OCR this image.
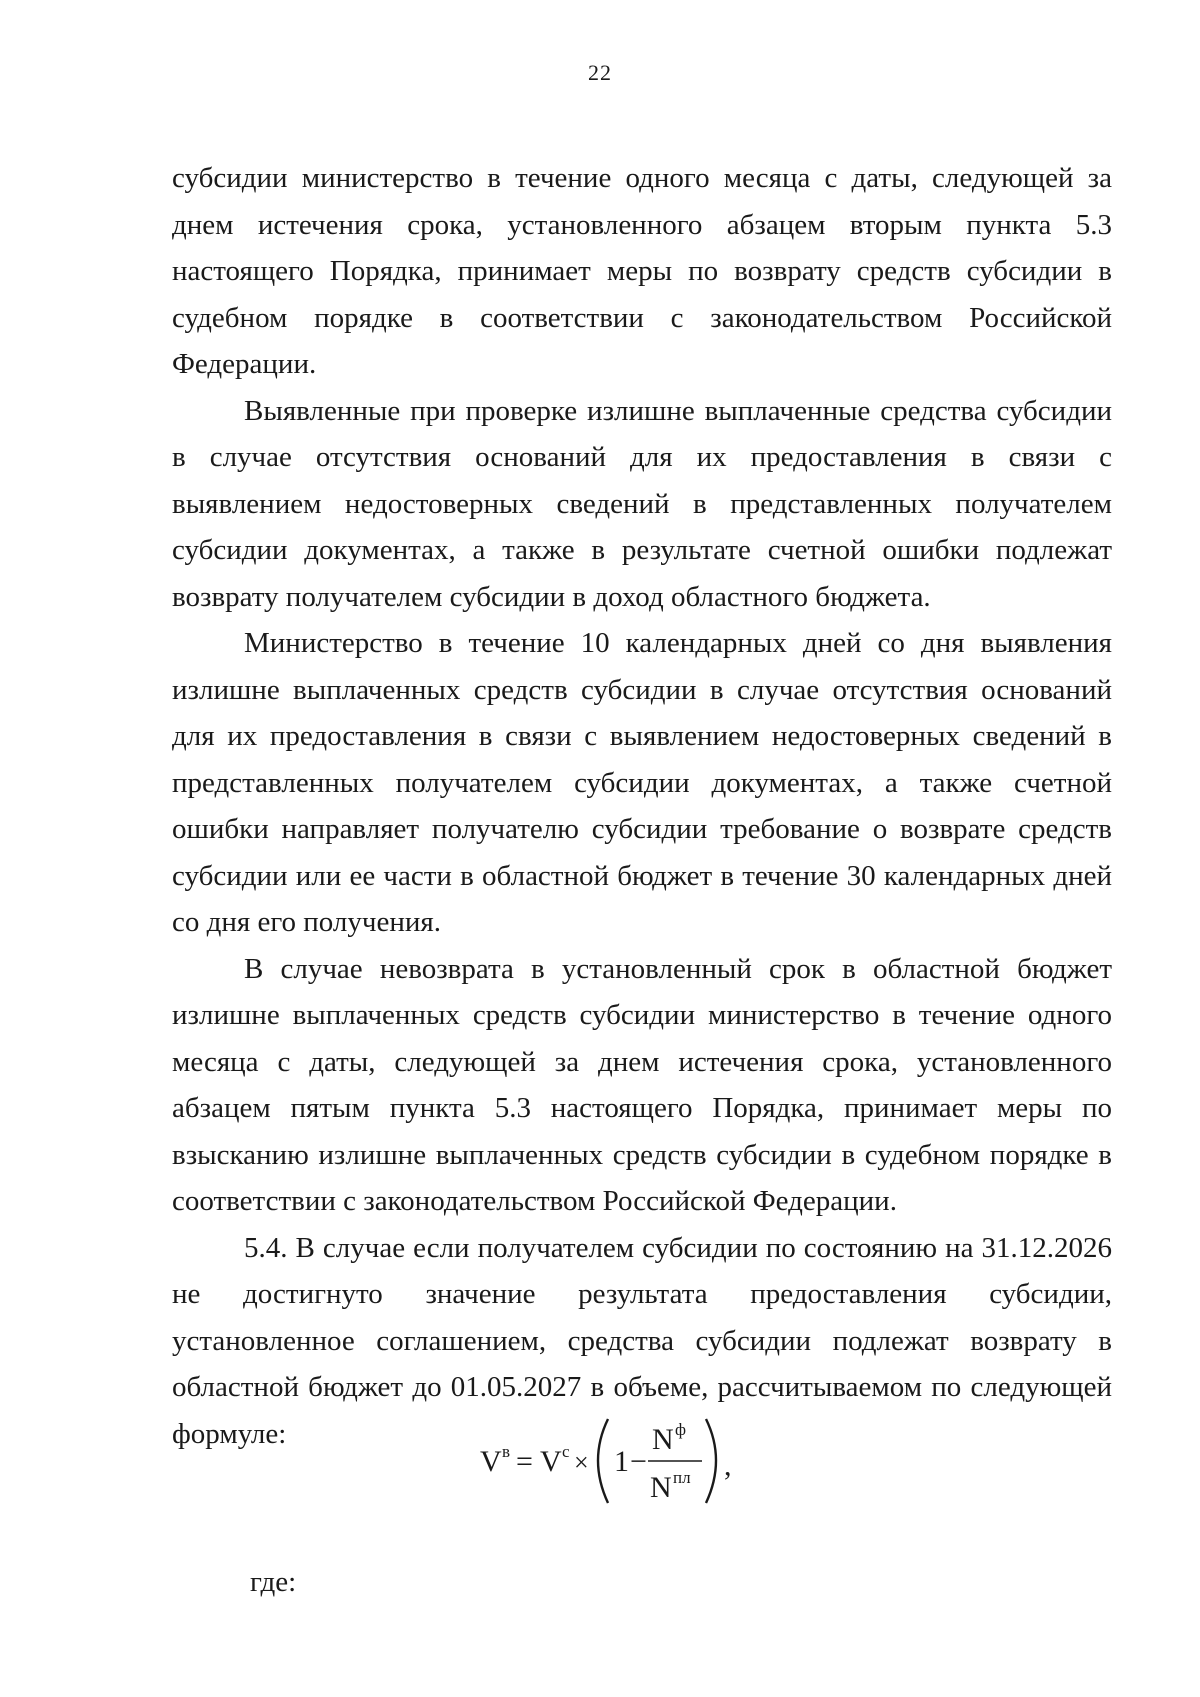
22

субсидии министерство в течение одного месяца с даты, следующей за днем истечения срока, установленного абзацем вторым пункта 5.3 настоящего Порядка, принимает меры по возврату средств субсидии в судебном порядке в соответствии с законодательством Российской Федерации.

Выявленные при проверке излишне выплаченные средства субсидии в случае отсутствия оснований для их предоставления в связи с выявлением недостоверных сведений в представленных получателем субсидии документах, а также в результате счетной ошибки подлежат возврату получателем субсидии в доход областного бюджета.

Министерство в течение 10 календарных дней со дня выявления излишне выплаченных средств субсидии в случае отсутствия оснований для их предоставления в связи с выявлением недостоверных сведений в представленных получателем субсидии документах, а также счетной ошибки направляет получателю субсидии требование о возврате средств субсидии или ее части в областной бюджет в течение 30 календарных дней со дня его получения.

В случае невозврата в установленный срок в областной бюджет излишне выплаченных средств субсидии министерство в течение одного месяца с даты, следующей за днем истечения срока, установленного абзацем пятым пункта 5.3 настоящего Порядка, принимает меры по взысканию излишне выплаченных средств субсидии в судебном порядке в соответствии с законодательством Российской Федерации.

5.4. В случае если получателем субсидии по состоянию на 31.12.2026 не достигнуто значение результата предоставления субсидии, установленное соглашением, средства субсидии подлежат возврату в областной бюджет до 01.05.2027 в объеме, рассчитываемом по следующей формуле:

V в = V с × 1 −
N ф
N пл ,
где:
